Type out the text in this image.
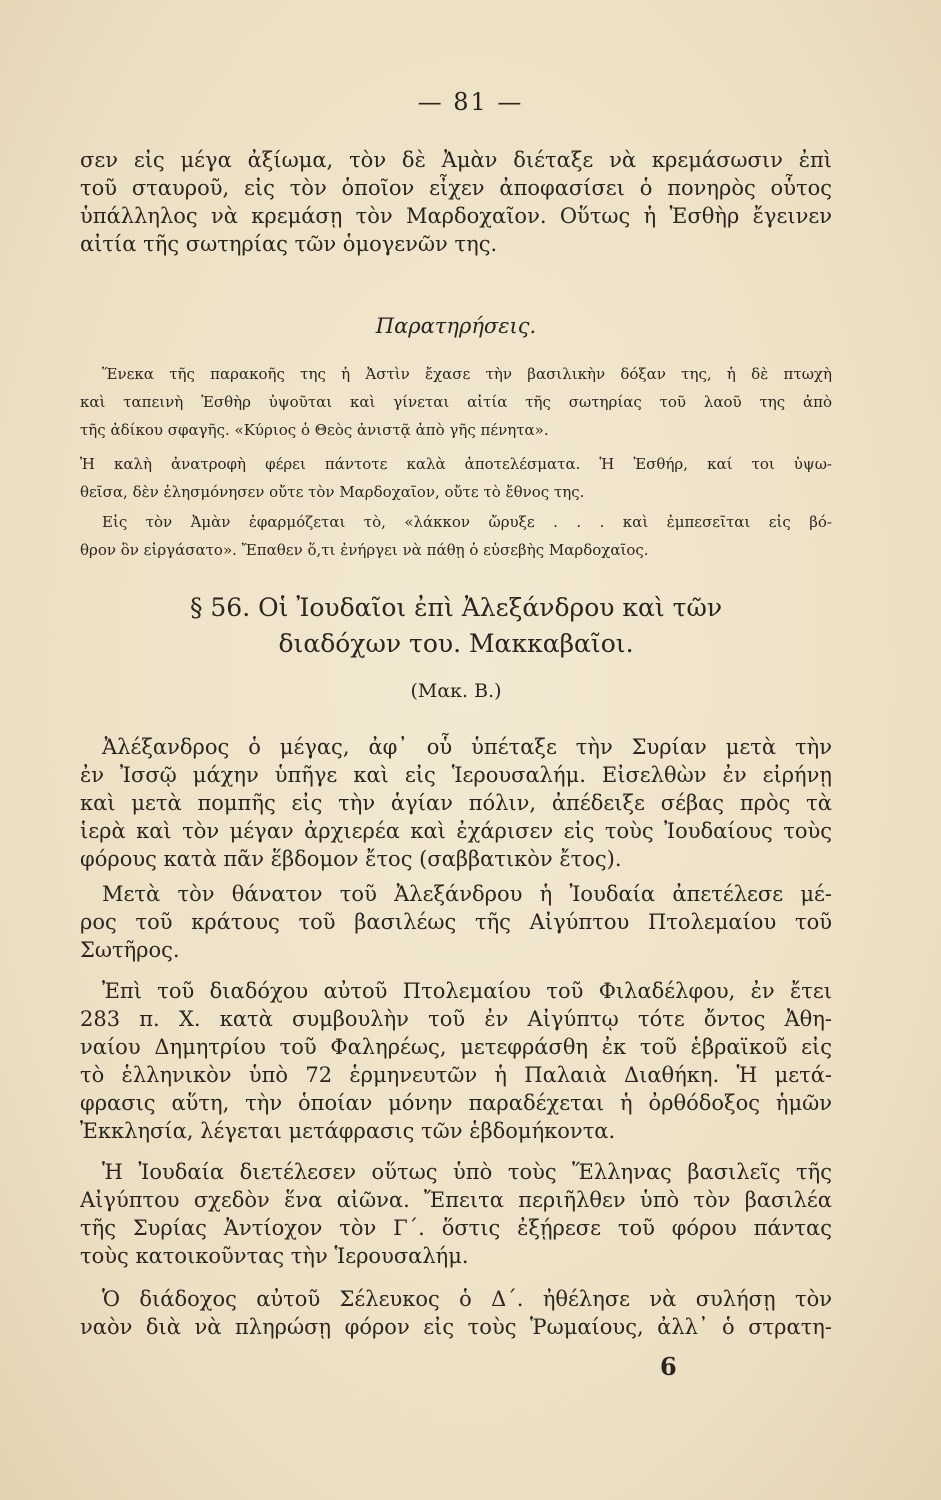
— 81 —
σεν εἰς μέγα ἀξίωμα, τὸν δὲ Ἀμὰν διέταξε νὰ κρεμάσωσιν ἐπὶ
τοῦ σταυροῦ, εἰς τὸν ὁποῖον εἶχεν ἀποφασίσει ὁ πονηρὸς οὗτος
ὑπάλληλος νὰ κρεμάσῃ τὸν Μαρδοχαῖον. Οὕτως ἡ Ἐσθὴρ ἔγεινεν
αἰτία τῆς σωτηρίας τῶν ὁμογενῶν της.
Παρατηρήσεις.
Ἕνεκα τῆς παρακοῆς της ἡ Ἀστὶν ἔχασε τὴν βασιλικὴν δόξαν της, ἡ δὲ πτωχὴ
καὶ ταπεινὴ Ἐσθὴρ ὑψοῦται καὶ γίνεται αἰτία τῆς σωτηρίας τοῦ λαοῦ της ἀπὸ
τῆς ἀδίκου σφαγῆς. «Κύριος ὁ Θεὸς ἀνιστᾷ ἀπὸ γῆς πένητα».
Ἡ καλὴ ἀνατροφὴ φέρει πάντοτε καλὰ ἀποτελέσματα. Ἡ Ἐσθήρ, καί τοι ὑψω-
θεῖσα, δὲν ἐλησμόνησεν οὔτε τὸν Μαρδοχαῖον, οὔτε τὸ ἔθνος της.
Εἰς τὸν Ἀμὰν ἐφαρμόζεται τὸ, «λάκκον ὤρυξε . . . καὶ ἐμπεσεῖται εἰς βό-
θρον ὃν εἰργάσατο». Ἔπαθεν ὅ,τι ἐνήργει νὰ πάθῃ ὁ εὐσεβὴς Μαρδοχαῖος.
§ 56. Οἱ Ἰουδαῖοι ἐπὶ Ἀλεξάνδρου καὶ τῶν
διαδόχων του. Μακκαβαῖοι.
(Μακ. Β.)
Ἀλέξανδρος ὁ μέγας, ἀφ᾽ οὗ ὑπέταξε τὴν Συρίαν μετὰ τὴν
ἐν Ἰσσῷ μάχην ὑπῆγε καὶ εἰς Ἱερουσαλήμ. Εἰσελθὼν ἐν εἰρήνῃ
καὶ μετὰ πομπῆς εἰς τὴν ἁγίαν πόλιν, ἀπέδειξε σέβας πρὸς τὰ
ἱερὰ καὶ τὸν μέγαν ἀρχιερέα καὶ ἐχάρισεν εἰς τοὺς Ἰουδαίους τοὺς
φόρους κατὰ πᾶν ἕβδομον ἔτος (σαββατικὸν ἔτος).
Μετὰ τὸν θάνατον τοῦ Ἀλεξάνδρου ἡ Ἰουδαία ἀπετέλεσε μέ-
ρος τοῦ κράτους τοῦ βασιλέως τῆς Αἰγύπτου Πτολεμαίου τοῦ
Σωτῆρος.
Ἐπὶ τοῦ διαδόχου αὐτοῦ Πτολεμαίου τοῦ Φιλαδέλφου, ἐν ἔτει
283 π. Χ. κατὰ συμβουλὴν τοῦ ἐν Αἰγύπτῳ τότε ὄντος Ἀθη-
ναίου Δημητρίου τοῦ Φαληρέως, μετεφράσθη ἐκ τοῦ ἑβραϊκοῦ εἰς
τὸ ἑλληνικὸν ὑπὸ 72 ἑρμηνευτῶν ἡ Παλαιὰ Διαθήκη. Ἡ μετά-
φρασις αὕτη, τὴν ὁποίαν μόνην παραδέχεται ἡ ὀρθόδοξος ἡμῶν
Ἐκκλησία, λέγεται μετάφρασις τῶν ἑβδομήκοντα.
Ἡ Ἰουδαία διετέλεσεν οὕτως ὑπὸ τοὺς Ἕλληνας βασιλεῖς τῆς
Αἰγύπτου σχεδὸν ἕνα αἰῶνα. Ἔπειτα περιῆλθεν ὑπὸ τὸν βασιλέα
τῆς Συρίας Ἀντίοχον τὸν Γ΄. ὅστις ἐξῄρεσε τοῦ φόρου πάντας
τοὺς κατοικοῦντας τὴν Ἱερουσαλήμ.
Ὁ διάδοχος αὐτοῦ Σέλευκος ὁ Δ΄. ἠθέλησε νὰ συλήσῃ τὸν
ναὸν διὰ νὰ πληρώσῃ φόρον εἰς τοὺς Ῥωμαίους, ἀλλ᾽ ὁ στρατη-
6
